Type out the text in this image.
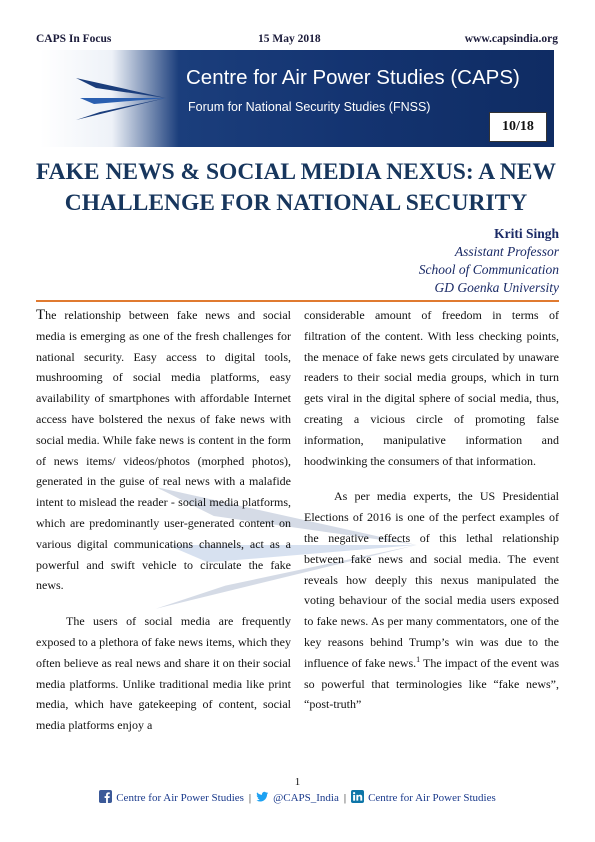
CAPS In Focus	15 May 2018	www.capsindia.org
Centre for Air Power Studies (CAPS)
Forum for National Security Studies (FNSS)
10/18
FAKE NEWS & SOCIAL MEDIA NEXUS: A NEW CHALLENGE FOR NATIONAL SECURITY
Kriti Singh
Assistant Professor
School of Communication
GD Goenka University

The relationship between fake news and social media is emerging as one of the fresh challenges for national security. Easy access to digital tools, mushrooming of social media platforms, easy availability of smartphones with affordable Internet access have bolstered the nexus of fake news with social media. While fake news is content in the form of news items/ videos/photos (morphed photos), generated in the guise of real news with a malafide intent to mislead the reader - social media platforms, which are predominantly user-generated content on various digital communications channels, act as a powerful and swift vehicle to circulate the fake news.

The users of social media are frequently exposed to a plethora of fake news items, which they often believe as real news and share it on their social media platforms. Unlike traditional media like print media, which have gatekeeping of content, social media platforms enjoy a

considerable amount of freedom in terms of filtration of the content. With less checking points, the menace of fake news gets circulated by unaware readers to their social media groups, which in turn gets viral in the digital sphere of social media, thus, creating a vicious circle of promoting false information, manipulative information and hoodwinking the consumers of that information.

As per media experts, the US Presidential Elections of 2016 is one of the perfect examples of the negative effects of this lethal relationship between fake news and social media. The event reveals how deeply this nexus manipulated the voting behaviour of the social media users exposed to fake news. As per many commentators, one of the key reasons behind Trump’s win was due to the influence of fake news.$^1$ The impact of the event was so powerful that terminologies like “fake news”, “post-truth”

1
Centre for Air Power Studies | @CAPS_India | Centre for Air Power Studies
